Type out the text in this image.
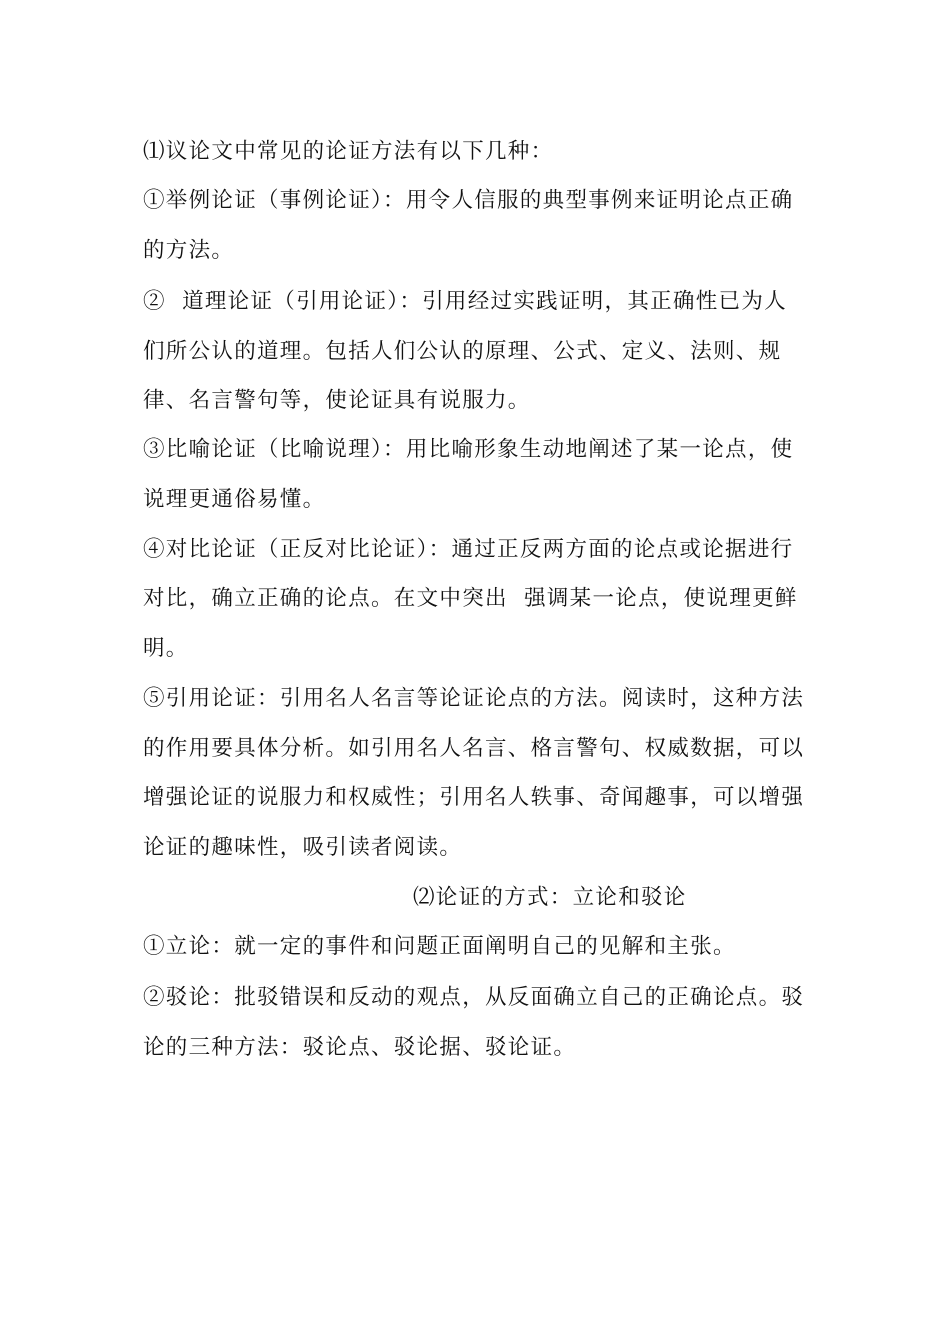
⑴议论文中常见的论证方法有以下几种：
①举例论证（事例论证）：用令人信服的典型事例来证明论点正确
的方法。
②  道理论证（引用论证）：引用经过实践证明，其正确性已为人
们所公认的道理。包括人们公认的原理、公式、定义、法则、规
律、名言警句等，使论证具有说服力。
③比喻论证（比喻说理）：用比喻形象生动地阐述了某一论点，使
说理更通俗易懂。
④对比论证（正反对比论证）：通过正反两方面的论点或论据进行
对比，确立正确的论点。在文中突出  强调某一论点，使说理更鲜
明。
⑤引用论证：引用名人名言等论证论点的方法。阅读时，这种方法
的作用要具体分析。如引用名人名言、格言警句、权威数据，可以
增强论证的说服力和权威性；引用名人轶事、奇闻趣事，可以增强
论证的趣味性，吸引读者阅读。
⑵论证的方式：立论和驳论
①立论：就一定的事件和问题正面阐明自己的见解和主张。
②驳论：批驳错误和反动的观点，从反面确立自己的正确论点。驳
论的三种方法：驳论点、驳论据、驳论证。
